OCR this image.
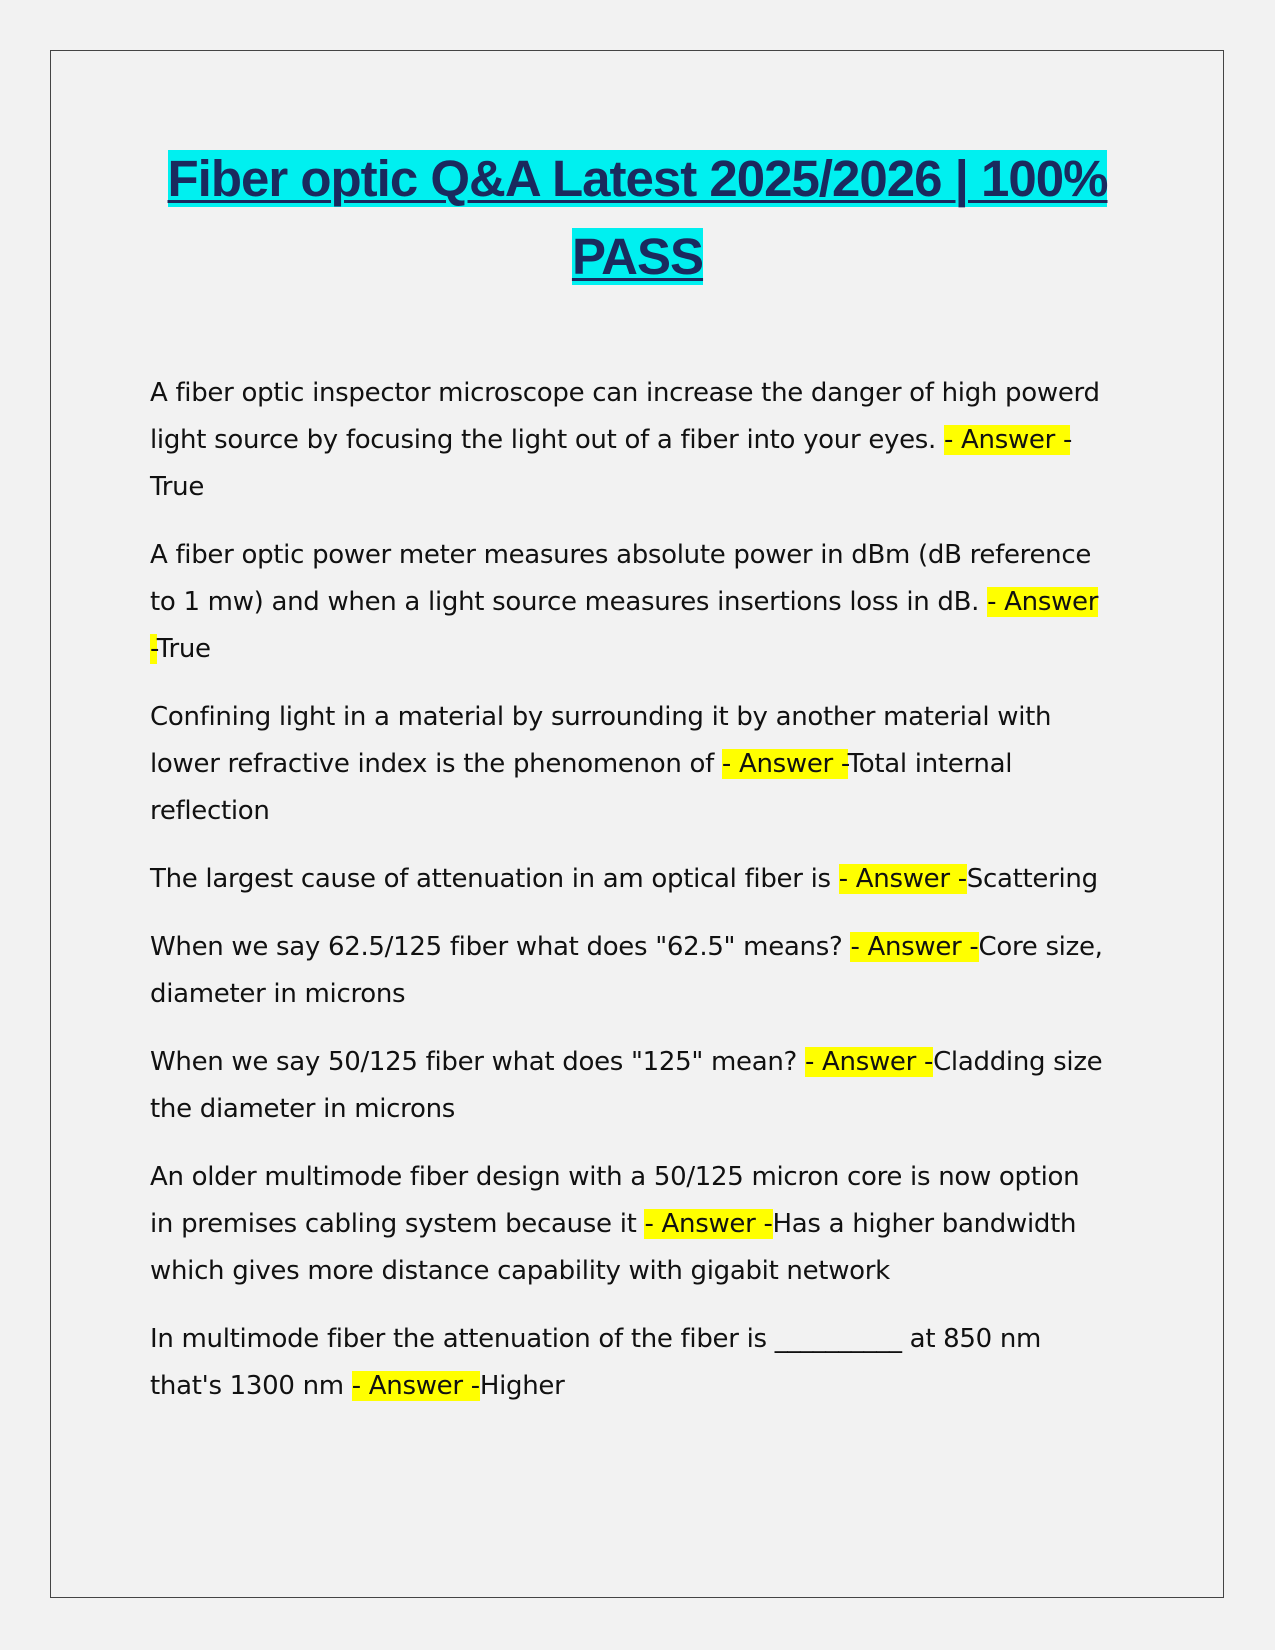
Fiber optic Q&A Latest 2025/2026 | 100% PASS

A fiber optic inspector microscope can increase the danger of high powerd light source by focusing the light out of a fiber into your eyes. - Answer -True

A fiber optic power meter measures absolute power in dBm (dB reference to 1 mw) and when a light source measures insertions loss in dB. - Answer -True

Confining light in a material by surrounding it by another material with lower refractive index is the phenomenon of - Answer -Total internal reflection

The largest cause of attenuation in am optical fiber is - Answer -Scattering

When we say 62.5/125 fiber what does "62.5" means? - Answer -Core size, diameter in microns

When we say 50/125 fiber what does "125" mean? - Answer -Cladding size the diameter in microns

An older multimode fiber design with a 50/125 micron core is now option in premises cabling system because it - Answer -Has a higher bandwidth which gives more distance capability with gigabit network

In multimode fiber the attenuation of the fiber is __________ at 850 nm that's 1300 nm - Answer -Higher
